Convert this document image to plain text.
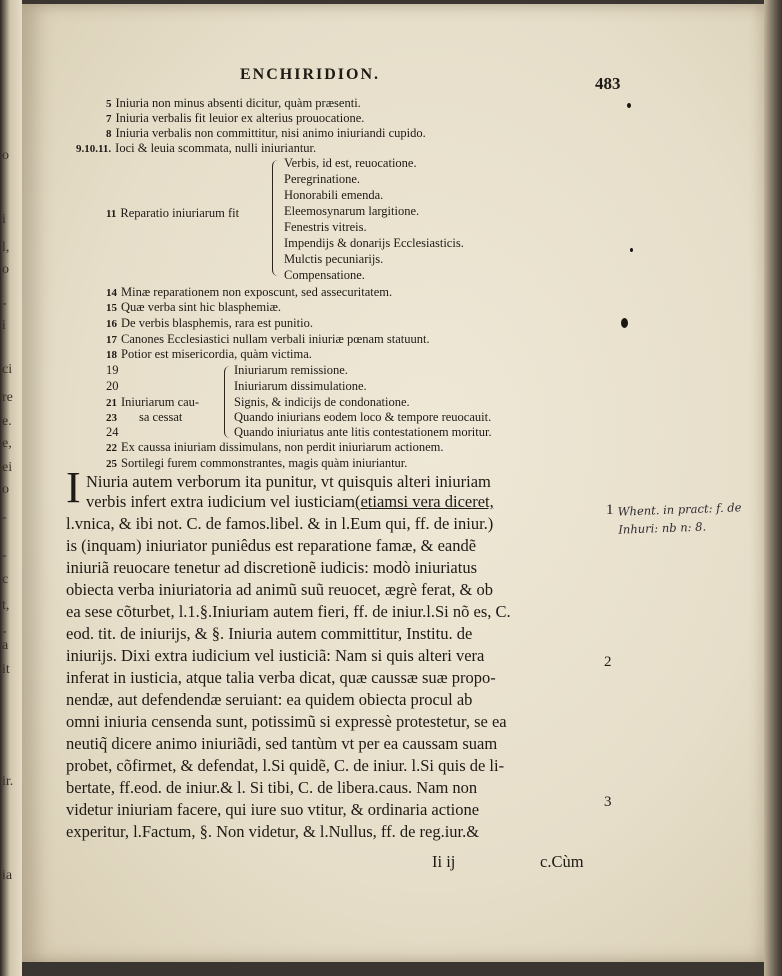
o
i
l,
o
-
i
ci
re
e.
e,
ei
o
-
-
c
t,
-
a
it
ir.
ia
ENCHIRIDION.	483
5 Iniuria non minus absenti dicitur, quàm præsenti.
7 Iniuria verbalis fit leuior ex alterius prouocatione.
8 Iniuria verbalis non committitur, nisi animo iniuriandi cupido.
9.10.11. Ioci & leuia scommata, nulli iniuriantur.
11 Reparatio iniuriarum fit
Verbis, id est, reuocatione.
Peregrinatione.
Honorabili emenda.
Eleemosynarum largitione.
Fenestris vitreis.
Impendijs & donarijs Ecclesiasticis.
Mulctis pecuniarijs.
Compensatione.
14 Minæ reparationem non exposcunt, sed assecuritatem.
15 Quæ verba sint hic blasphemiæ.
16 De verbis blasphemis, rara est punitio.
17 Canones Ecclesiastici nullam verbali iniuriæ pœnam statuunt.
18 Potior est misericordia, quàm victima.
19
20
21 Iniuriarum cau-
23 sa cessat
24
Iniuriarum remissione.
Iniuriarum dissimulatione.
Signis, & indicijs de condonatione.
Quando iniurians eodem loco & tempore reuocauit.
Quando iniuriatus ante litis contestationem moritur.
22 Ex caussa iniuriam dissimulans, non perdit iniuriarum actionem.
25 Sortilegi furem commonstrantes, magis quàm iniuriantur.
I Niuria autem verborum ita punitur, vt quisquis alteri iniuriam
verbis infert extra iudicium vel iusticiam(etiamsi vera diceret,
l.vnica, & ibi not. C. de famos.libel. & in l.Eum qui, ff. de iniur.)
is (inquam) iniuriator puniêdus est reparatione famæ, & eandẽ
iniuriã reuocare tenetur ad discretionẽ iudicis: modò iniuriatus
obiecta verba iniuriatoria ad animũ suũ reuocet, ægrè ferat, & ob
ea sese cõturbet, l.1.§.Iniuriam autem fieri, ff. de iniur.l.Si nõ es, C.
eod. tit. de iniurijs, & §. Iniuria autem committitur, Institu. de
iniurijs. Dixi extra iudicium vel iusticiã: Nam si quis alteri vera
inferat in iusticia, atque talia verba dicat, quæ caussæ suæ propo-
nendæ, aut defendendæ seruiant: ea quidem obiecta procul ab
omni iniuria censenda sunt, potissimũ si expressè protestetur, se ea
neutiq̃ dicere animo iniuriãdi, sed tantùm vt per ea caussam suam
probet, cõfirmet, & defendat, l.Si quidẽ, C. de iniur. l.Si quis de li-
bertate, ff.eod. de iniur.& l. Si tibi, C. de libera.caus. Nam non
videtur iniuriam facere, qui iure suo vtitur, & ordinaria actione
experitur, l.Factum, §. Non videtur, & l.Nullus, ff. de reg.iur.&
Ii ij	c.Cùm
1
2
3
Whent. in pract: f. de Inhuri: nb n: 8.
